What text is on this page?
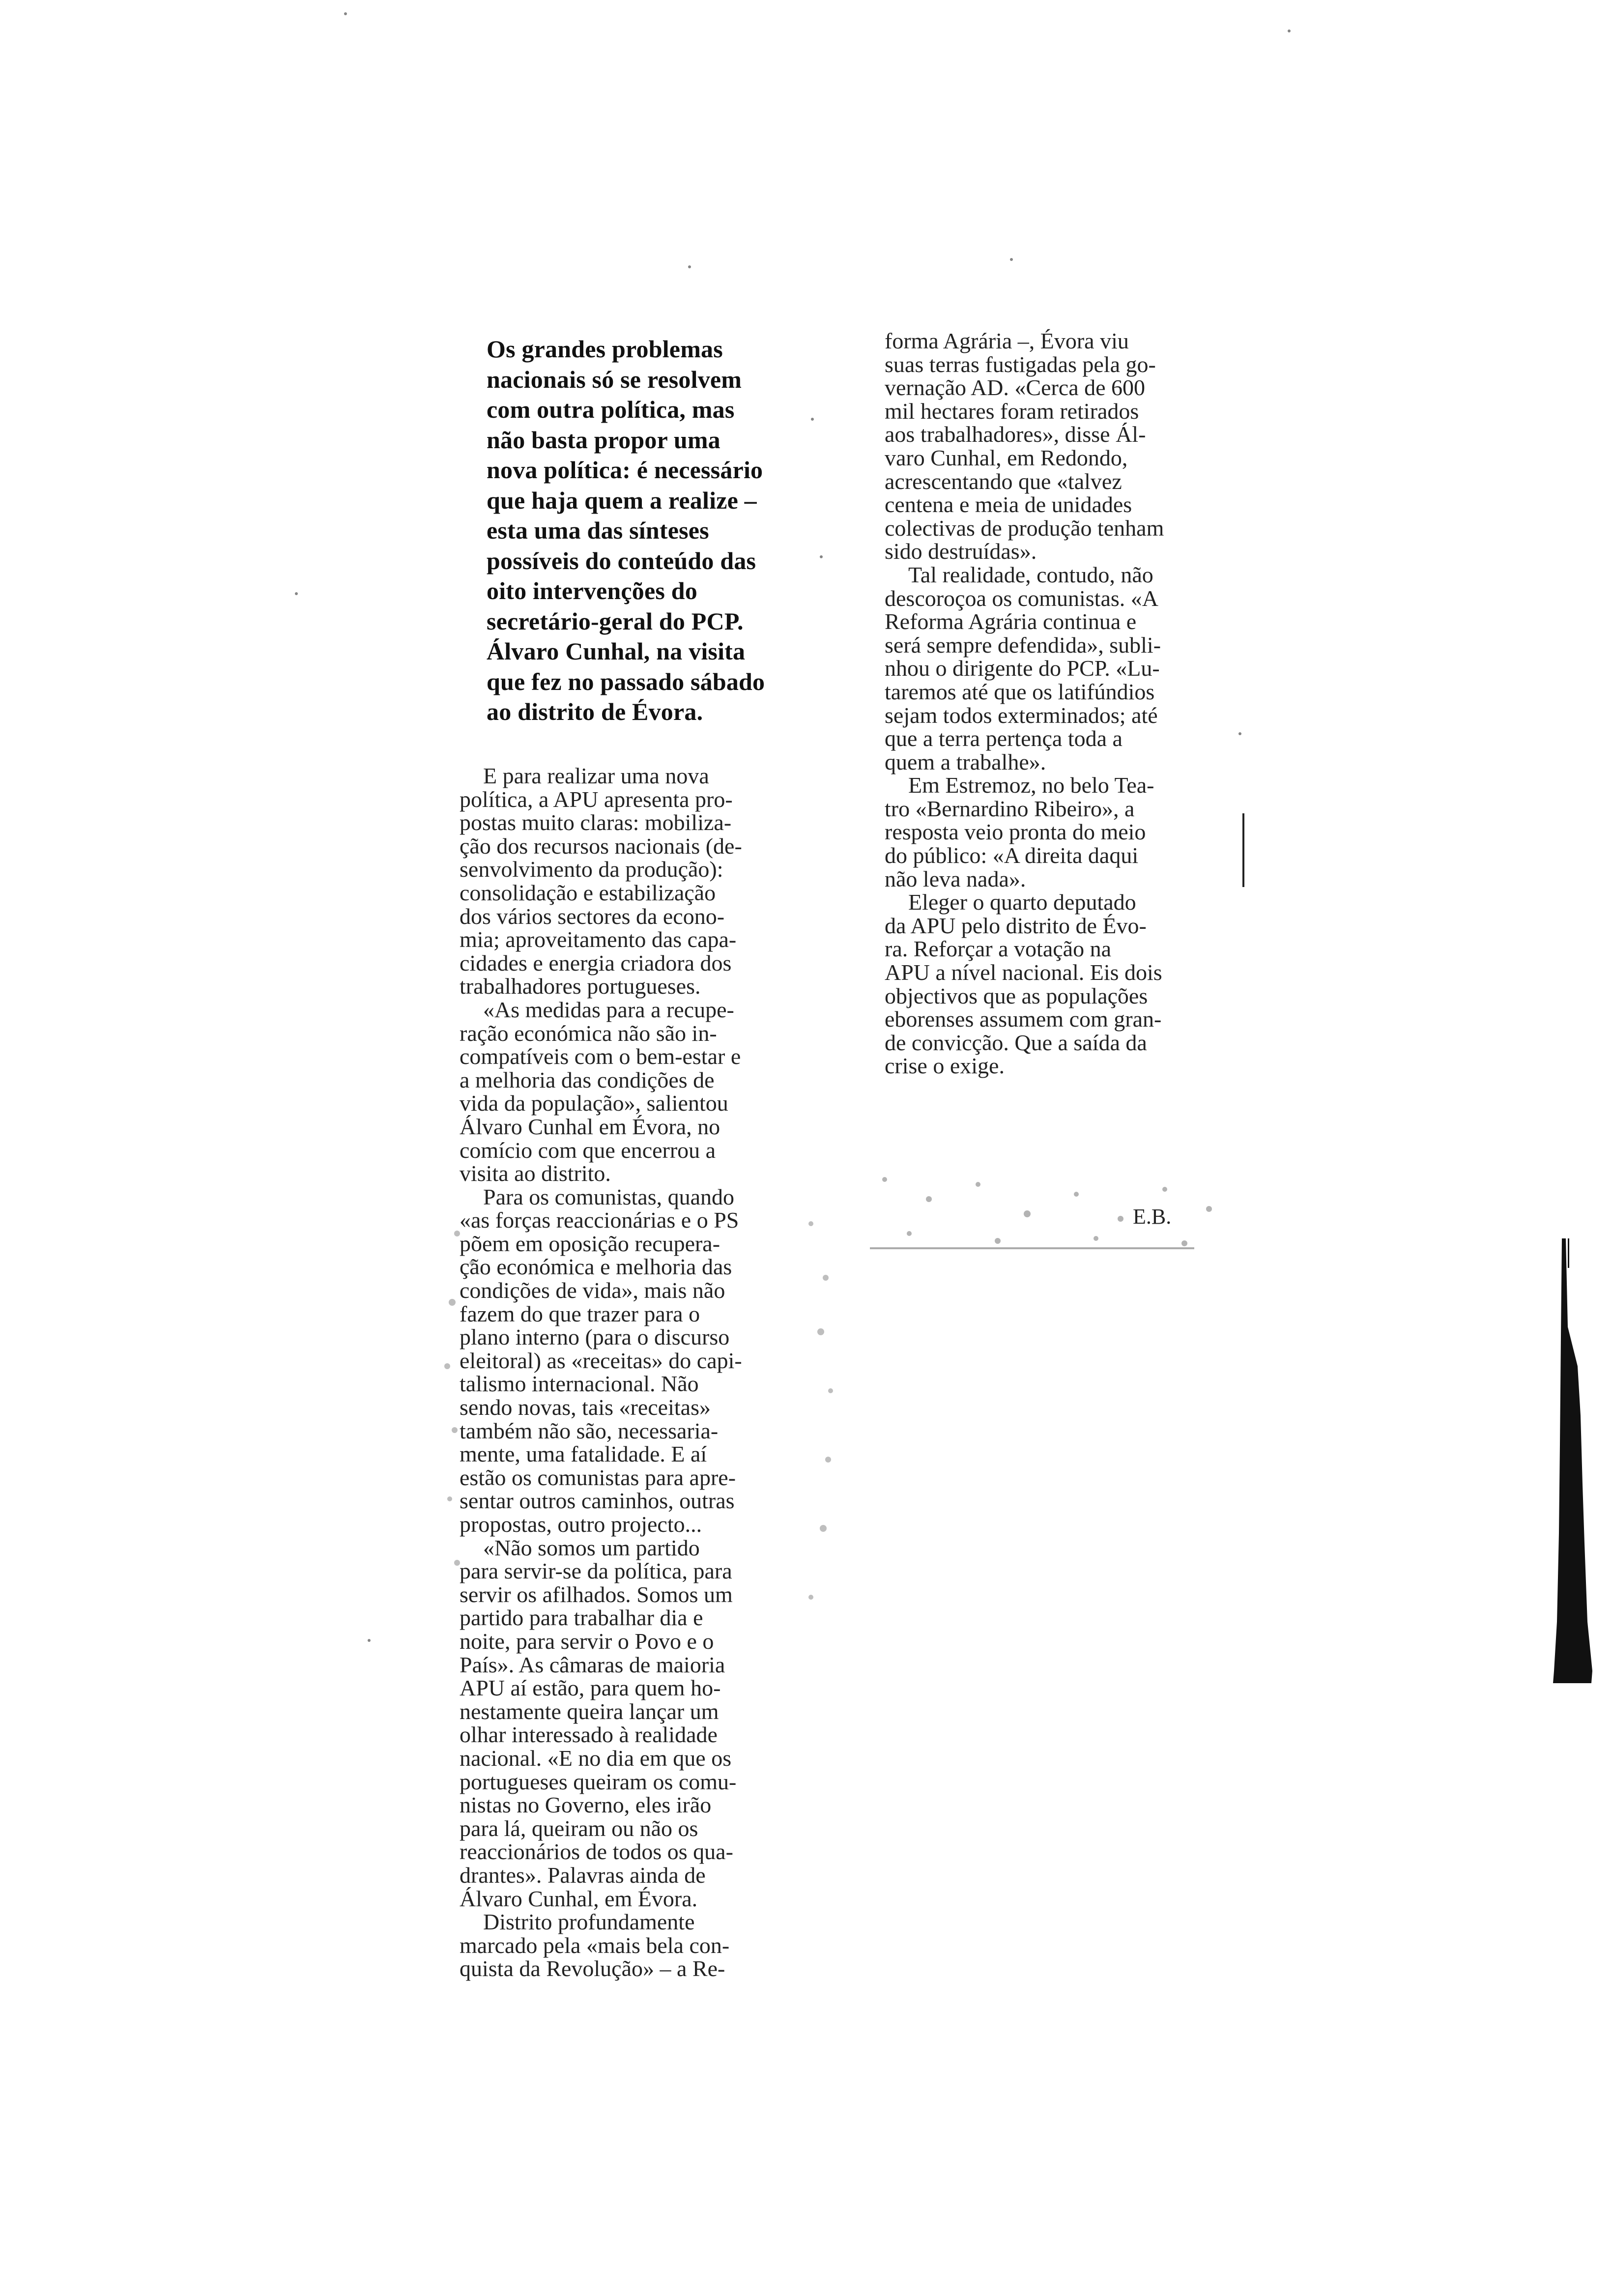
Os grandes problemas
nacionais só se resolvem
com outra política, mas
não basta propor uma
nova política: é necessário
que haja quem a realize –
esta uma das sínteses
possíveis do conteúdo das
oito intervenções do
secretário-geral do PCP.
Álvaro Cunhal, na visita
que fez no passado sábado
ao distrito de Évora.
E para realizar uma nova
política, a APU apresenta pro-
postas muito claras: mobiliza-
ção dos recursos nacionais (de-
senvolvimento da produção):
consolidação e estabilização
dos vários sectores da econo-
mia; aproveitamento das capa-
cidades e energia criadora dos
trabalhadores portugueses.
«As medidas para a recupe-
ração económica não são in-
compatíveis com o bem-estar e
a melhoria das condições de
vida da população», salientou
Álvaro Cunhal em Évora, no
comício com que encerrou a
visita ao distrito.
Para os comunistas, quando
«as forças reaccionárias e o PS
põem em oposição recupera-
ção económica e melhoria das
condições de vida», mais não
fazem do que trazer para o
plano interno (para o discurso
eleitoral) as «receitas» do capi-
talismo internacional. Não
sendo novas, tais «receitas»
também não são, necessaria-
mente, uma fatalidade. E aí
estão os comunistas para apre-
sentar outros caminhos, outras
propostas, outro projecto...
«Não somos um partido
para servir-se da política, para
servir os afilhados. Somos um
partido para trabalhar dia e
noite, para servir o Povo e o
País». As câmaras de maioria
APU aí estão, para quem ho-
nestamente queira lançar um
olhar interessado à realidade
nacional. «E no dia em que os
portugueses queiram os comu-
nistas no Governo, eles irão
para lá, queiram ou não os
reaccionários de todos os qua-
drantes». Palavras ainda de
Álvaro Cunhal, em Évora.
Distrito profundamente
marcado pela «mais bela con-
quista da Revolução» – a Re-
forma Agrária –, Évora viu
suas terras fustigadas pela go-
vernação AD. «Cerca de 600
mil hectares foram retirados
aos trabalhadores», disse Ál-
varo Cunhal, em Redondo,
acrescentando que «talvez
centena e meia de unidades
colectivas de produção tenham
sido destruídas».
Tal realidade, contudo, não
descoroçoa os comunistas. «A
Reforma Agrária continua e
será sempre defendida», subli-
nhou o dirigente do PCP. «Lu-
taremos até que os latifúndios
sejam todos exterminados; até
que a terra pertença toda a
quem a trabalhe».
Em Estremoz, no belo Tea-
tro «Bernardino Ribeiro», a
resposta veio pronta do meio
do público: «A direita daqui
não leva nada».
Eleger o quarto deputado
da APU pelo distrito de Évo-
ra. Reforçar a votação na
APU a nível nacional. Eis dois
objectivos que as populações
eborenses assumem com gran-
de convicção. Que a saída da
crise o exige.
E.B.
